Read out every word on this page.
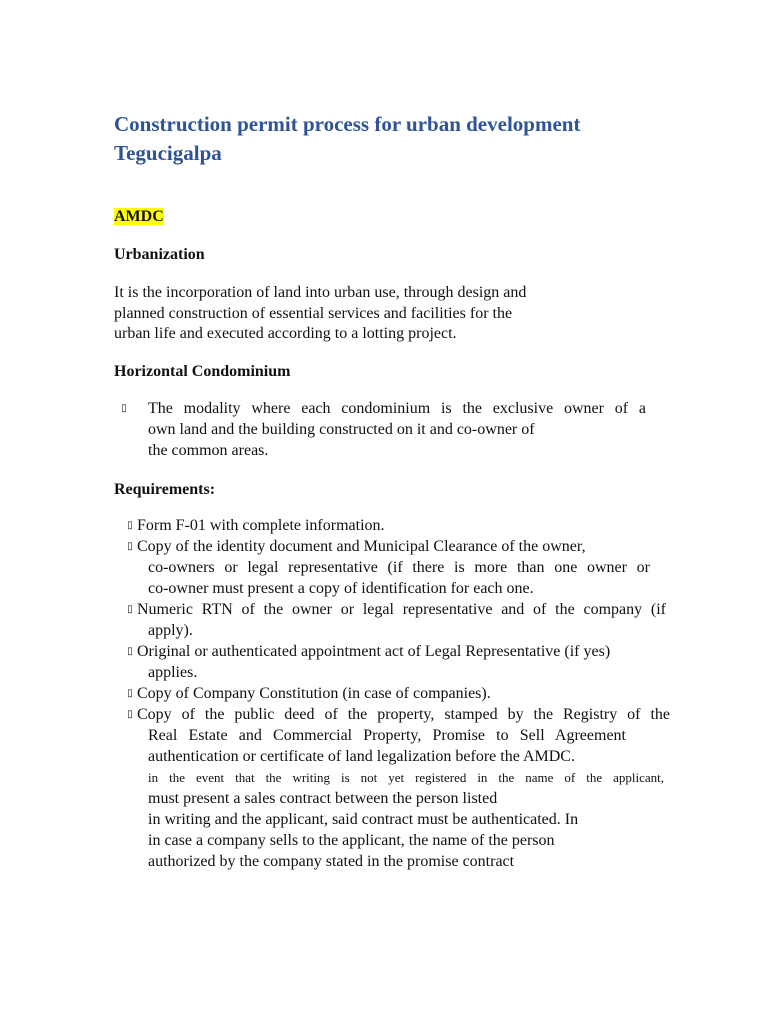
Construction permit process for urban development
Tegucigalpa
AMDC
Urbanization
It is the incorporation of land into urban use, through design and
planned construction of essential services and facilities for the
urban life and executed according to a lotting project.
Horizontal Condominium
▯ The modality where each condominium is the exclusive owner of a
own land and the building constructed on it and co-owner of
the common areas.
Requirements:
▯ Form F-01 with complete information.
▯ Copy of the identity document and Municipal Clearance of the owner,
co-owners or legal representative (if there is more than one owner or
co-owner must present a copy of identification for each one.
▯ Numeric RTN of the owner or legal representative and of the company (if
apply).
▯ Original or authenticated appointment act of Legal Representative (if yes)
applies.
▯ Copy of Company Constitution (in case of companies).
▯ Copy of the public deed of the property, stamped by the Registry of the
Real Estate and Commercial Property, Promise to Sell Agreement
authentication or certificate of land legalization before the AMDC.
in the event that the writing is not yet registered in the name of the applicant,
must present a sales contract between the person listed
in writing and the applicant, said contract must be authenticated. In
in case a company sells to the applicant, the name of the person
authorized by the company stated in the promise contract
